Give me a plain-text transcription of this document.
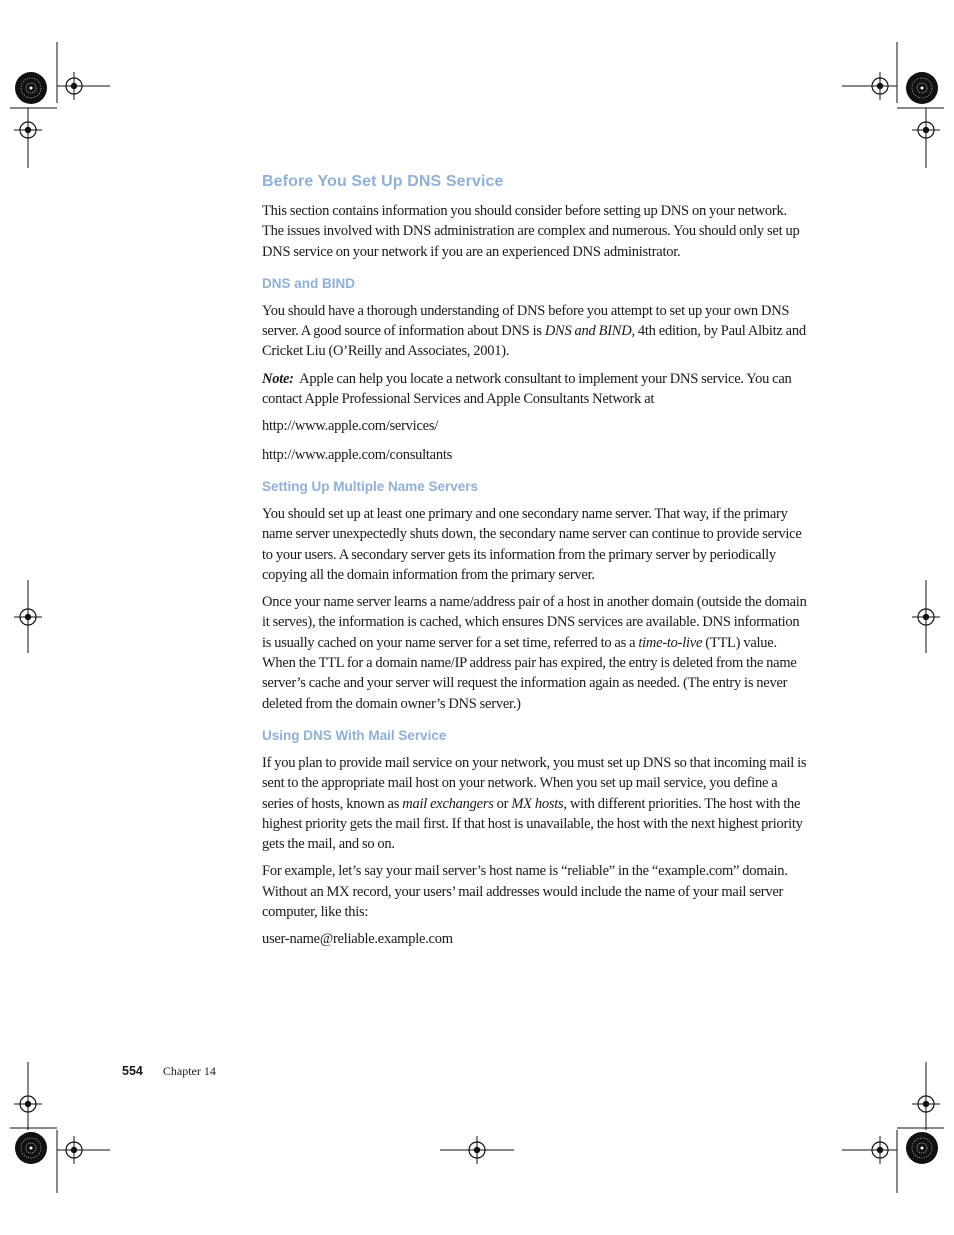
Before You Set Up DNS Service

This section contains information you should consider before setting up DNS on your network. The issues involved with DNS administration are complex and numerous. You should only set up DNS service on your network if you are an experienced DNS administrator.

DNS and BIND

You should have a thorough understanding of DNS before you attempt to set up your own DNS server. A good source of information about DNS is DNS and BIND, 4th edition, by Paul Albitz and Cricket Liu (O’Reilly and Associates, 2001).

Note: Apple can help you locate a network consultant to implement your DNS service. You can contact Apple Professional Services and Apple Consultants Network at

http://www.apple.com/services/

http://www.apple.com/consultants

Setting Up Multiple Name Servers

You should set up at least one primary and one secondary name server. That way, if the primary name server unexpectedly shuts down, the secondary name server can continue to provide service to your users. A secondary server gets its information from the primary server by periodically copying all the domain information from the primary server.

Once your name server learns a name/address pair of a host in another domain (outside the domain it serves), the information is cached, which ensures DNS services are available. DNS information is usually cached on your name server for a set time, referred to as a time-to-live (TTL) value. When the TTL for a domain name/IP address pair has expired, the entry is deleted from the name server’s cache and your server will request the information again as needed. (The entry is never deleted from the domain owner’s DNS server.)

Using DNS With Mail Service

If you plan to provide mail service on your network, you must set up DNS so that incoming mail is sent to the appropriate mail host on your network. When you set up mail service, you define a series of hosts, known as mail exchangers or MX hosts, with different priorities. The host with the highest priority gets the mail first. If that host is unavailable, the host with the next highest priority gets the mail, and so on.

For example, let’s say your mail server’s host name is “reliable” in the “example.com” domain. Without an MX record, your users’ mail addresses would include the name of your mail server computer, like this:

user-name@reliable.example.com

554 Chapter 14
